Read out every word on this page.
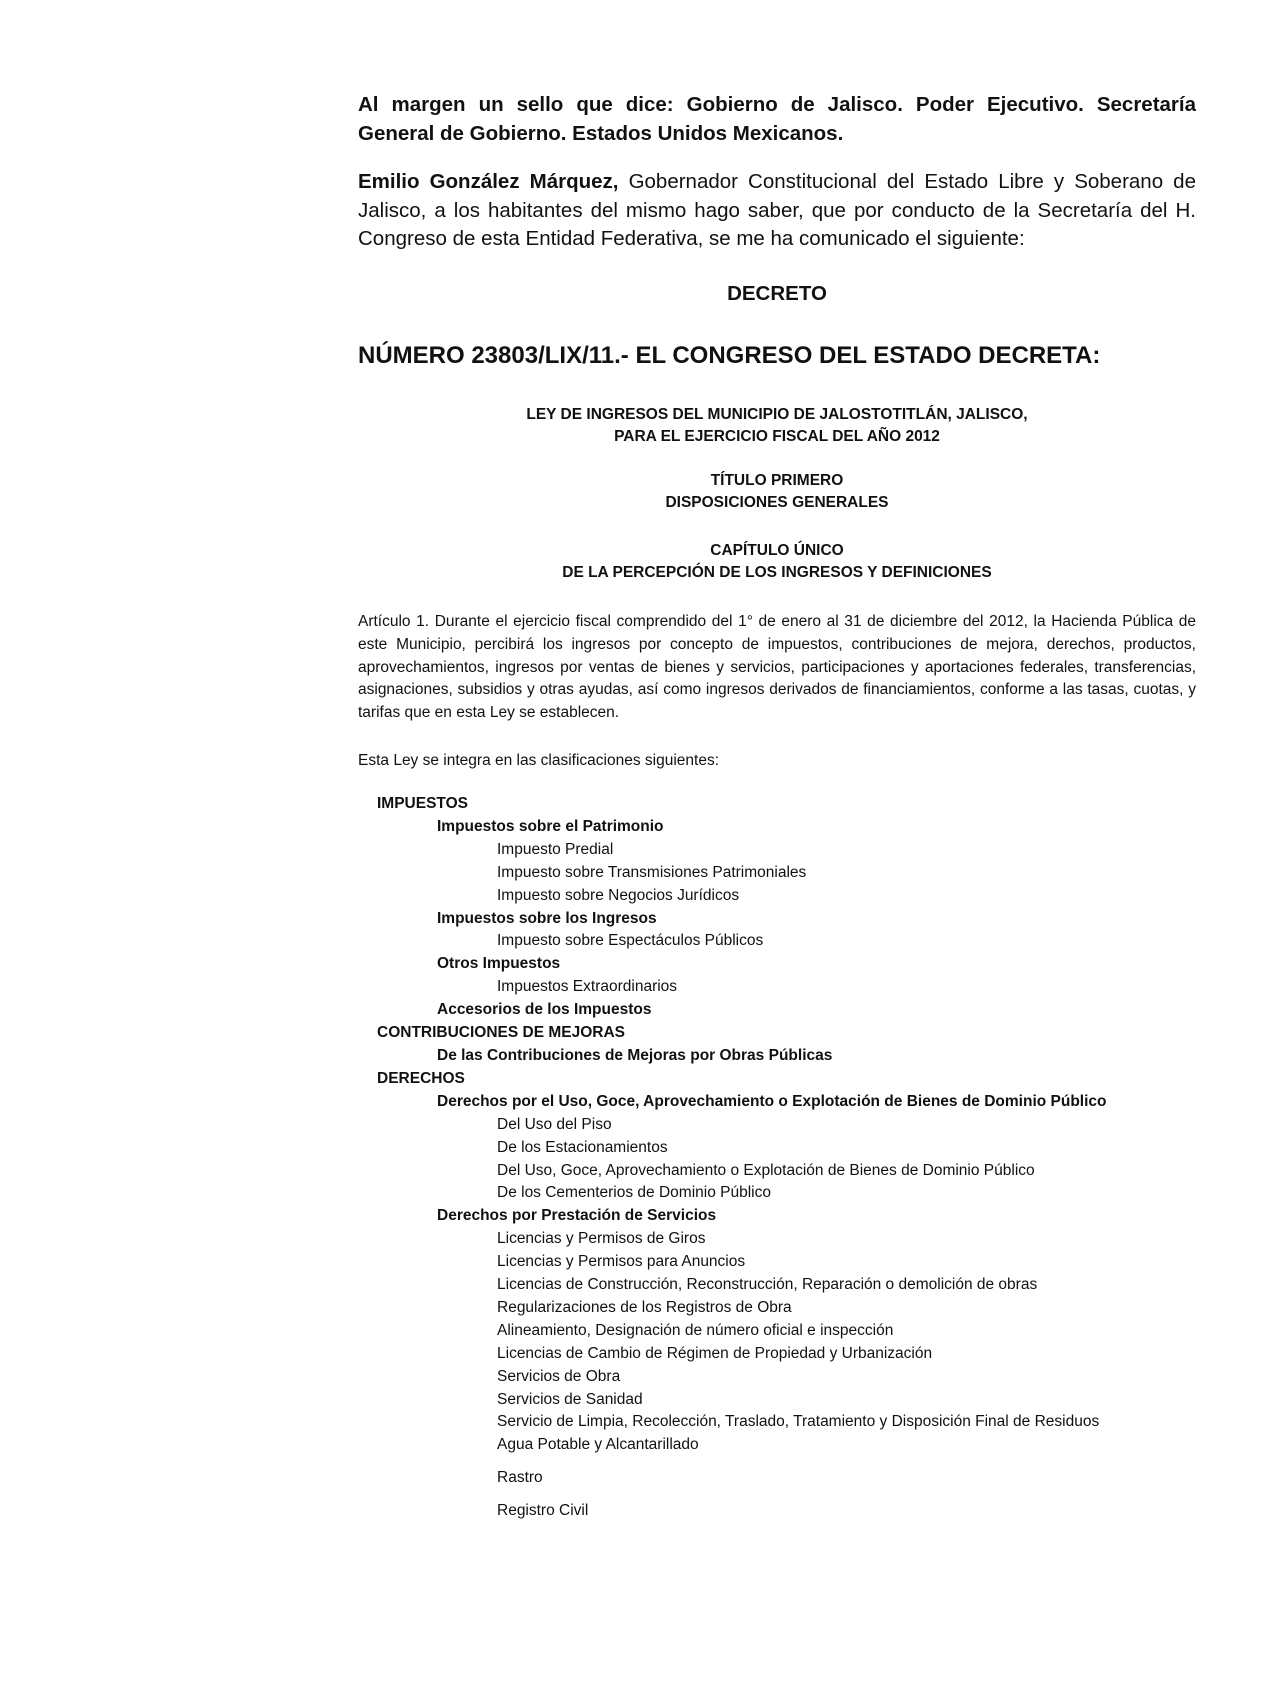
Al margen un sello que dice: Gobierno de Jalisco. Poder Ejecutivo. Secretaría General de Gobierno. Estados Unidos Mexicanos.
Emilio González Márquez, Gobernador Constitucional del Estado Libre y Soberano de Jalisco, a los habitantes del mismo hago saber, que por conducto de la Secretaría del H. Congreso de esta Entidad Federativa, se me ha comunicado el siguiente:
DECRETO
NÚMERO 23803/LIX/11.- EL CONGRESO DEL ESTADO DECRETA:
LEY DE INGRESOS DEL MUNICIPIO DE JALOSTOTITLÁN, JALISCO,
PARA EL EJERCICIO FISCAL DEL AÑO 2012
TÍTULO PRIMERO
DISPOSICIONES GENERALES
CAPÍTULO ÚNICO
DE LA PERCEPCIÓN DE LOS INGRESOS Y DEFINICIONES
Artículo 1. Durante el ejercicio fiscal comprendido del 1° de enero al 31 de diciembre del 2012, la Hacienda Pública de este Municipio, percibirá los ingresos por concepto de impuestos, contribuciones de mejora, derechos, productos, aprovechamientos, ingresos por ventas de bienes y servicios, participaciones y aportaciones federales, transferencias, asignaciones, subsidios y otras ayudas, así como ingresos derivados de financiamientos, conforme a las tasas, cuotas, y tarifas que en esta Ley se establecen.
Esta Ley se integra en las clasificaciones siguientes:
IMPUESTOS
Impuestos sobre el Patrimonio
Impuesto Predial
Impuesto sobre Transmisiones Patrimoniales
Impuesto sobre Negocios Jurídicos
Impuestos sobre los Ingresos
Impuesto sobre Espectáculos Públicos
Otros Impuestos
Impuestos Extraordinarios
Accesorios de los Impuestos
CONTRIBUCIONES DE MEJORAS
De las Contribuciones de Mejoras por Obras Públicas
DERECHOS
Derechos por el Uso, Goce, Aprovechamiento o Explotación de Bienes de Dominio Público
Del Uso del Piso
De los Estacionamientos
Del Uso, Goce, Aprovechamiento o Explotación de Bienes de Dominio Público
De los Cementerios de Dominio Público
Derechos por Prestación de Servicios
Licencias y Permisos de Giros
Licencias y Permisos para Anuncios
Licencias de Construcción, Reconstrucción, Reparación o demolición de obras
Regularizaciones de los Registros de Obra
Alineamiento, Designación de número oficial e inspección
Licencias de Cambio de Régimen de Propiedad y Urbanización
Servicios de Obra
Servicios de Sanidad
Servicio de Limpia, Recolección, Traslado, Tratamiento y Disposición Final de Residuos
Agua Potable y Alcantarillado
Rastro
Registro Civil
